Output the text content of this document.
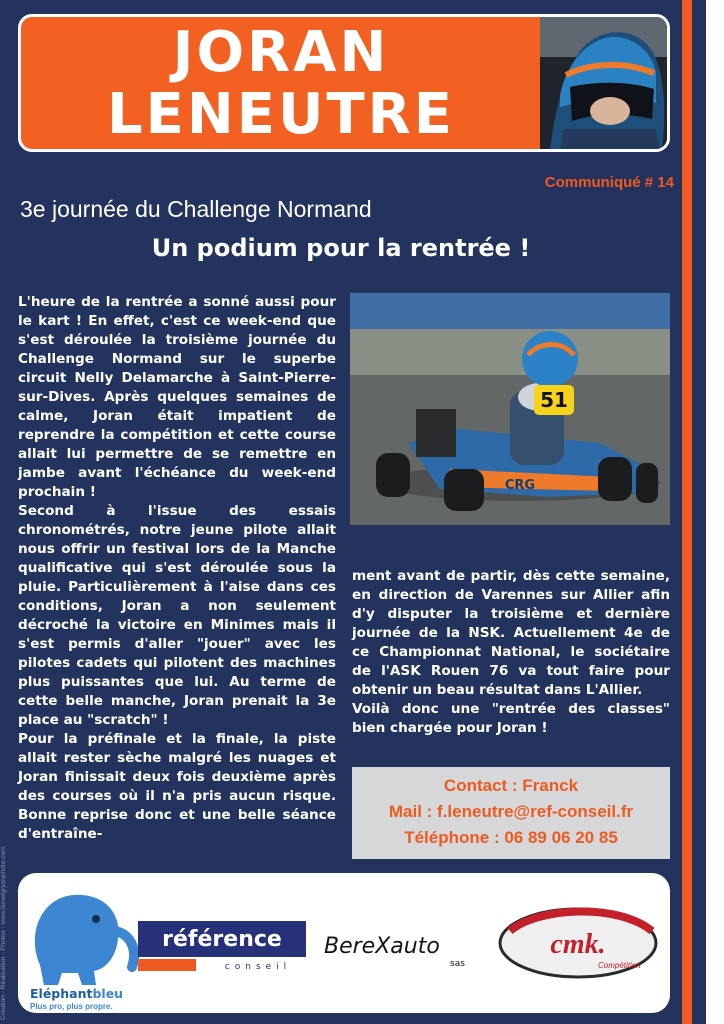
JORAN
LENEUTRE
Communiqué # 14
3e journée du Challenge Normand
Un podium pour la rentrée !

L'heure de la rentrée a sonné aussi pour le kart ! En effet, c'est ce week-end que s'est déroulée la troisième journée du Challenge Normand sur le superbe circuit Nelly Delamarche à Saint-Pierre-sur-Dives. Après quelques semaines de calme, Joran était impatient de reprendre la compétition et cette course allait lui permettre de se remettre en jambe avant l'échéance du week-end prochain !

Second à l'issue des essais chronométrés, notre jeune pilote allait nous offrir un festival lors de la Manche qualificative qui s'est déroulée sous la pluie. Particulièrement à l'aise dans ces conditions, Joran a non seulement décroché la victoire en Minimes mais il s'est permis d'aller "jouer" avec les pilotes cadets qui pilotent des machines plus puissantes que lui. Au terme de cette belle manche, Joran prenait la 3e place au "scratch" !

Pour la préfinale et la finale, la piste allait rester sèche malgré les nuages et Joran finissait deux fois deuxième après des courses où il n'a pris aucun risque. Bonne reprise donc et une belle séance d'entraîne-

51
CRG

ment avant de partir, dès cette semaine, en direction de Varennes sur Allier afin d'y disputer la troisième et dernière journée de la NSK. Actuellement 4e de ce Championnat National, le sociétaire de l'ASK Rouen 76 va tout faire pour obtenir un beau résultat dans L'Allier.

Voilà donc une "rentrée des classes" bien chargée pour Joran !

Contact : Franck
Mail : f.leneutre@ref-conseil.fr
Téléphone : 06 89 06 20 85
Eléphantbleu
Plus pro, plus propre.
référence
conseil
BereXauto
sas
cmk.
Compétition
Création - Réalisation - Photos : www.lionelgryonphoto.com
